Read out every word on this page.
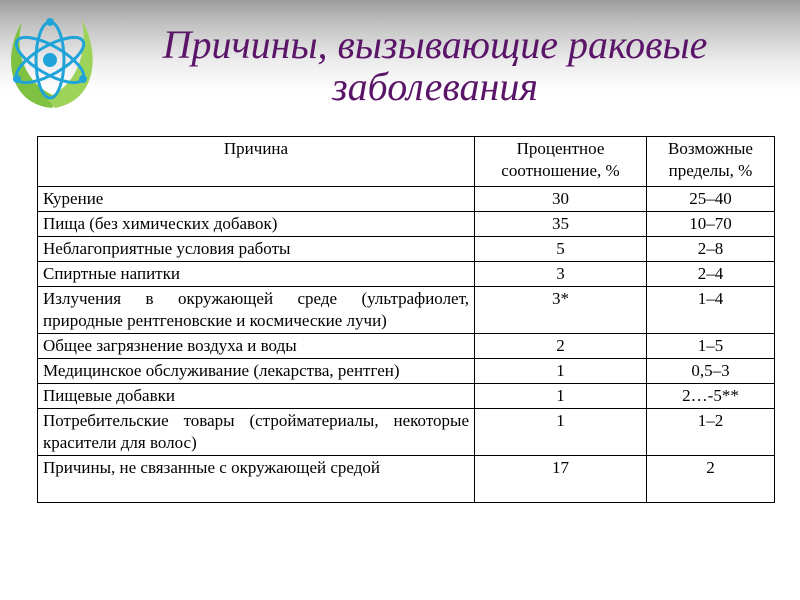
Причины, вызывающие раковые заболевания
Причина	Процентное соотношение, %	Возможные пределы, %
Курение	30	25–40
Пища (без химических добавок)	35	10–70
Неблагоприятные условия работы	5	2–8
Спиртные напитки	3	2–4
Излучения в окружающей среде (ультрафиолет, природные рентгеновские и космические лучи)	3*	1–4
Общее загрязнение воздуха и воды	2	1–5
Медицинское обслуживание (лекарства, рентген)	1	0,5–3
Пищевые добавки	1	2…-5**
Потребительские товары (стройматериалы, некоторые красители для волос)	1	1–2
Причины, не связанные с окружающей средой	17	2
